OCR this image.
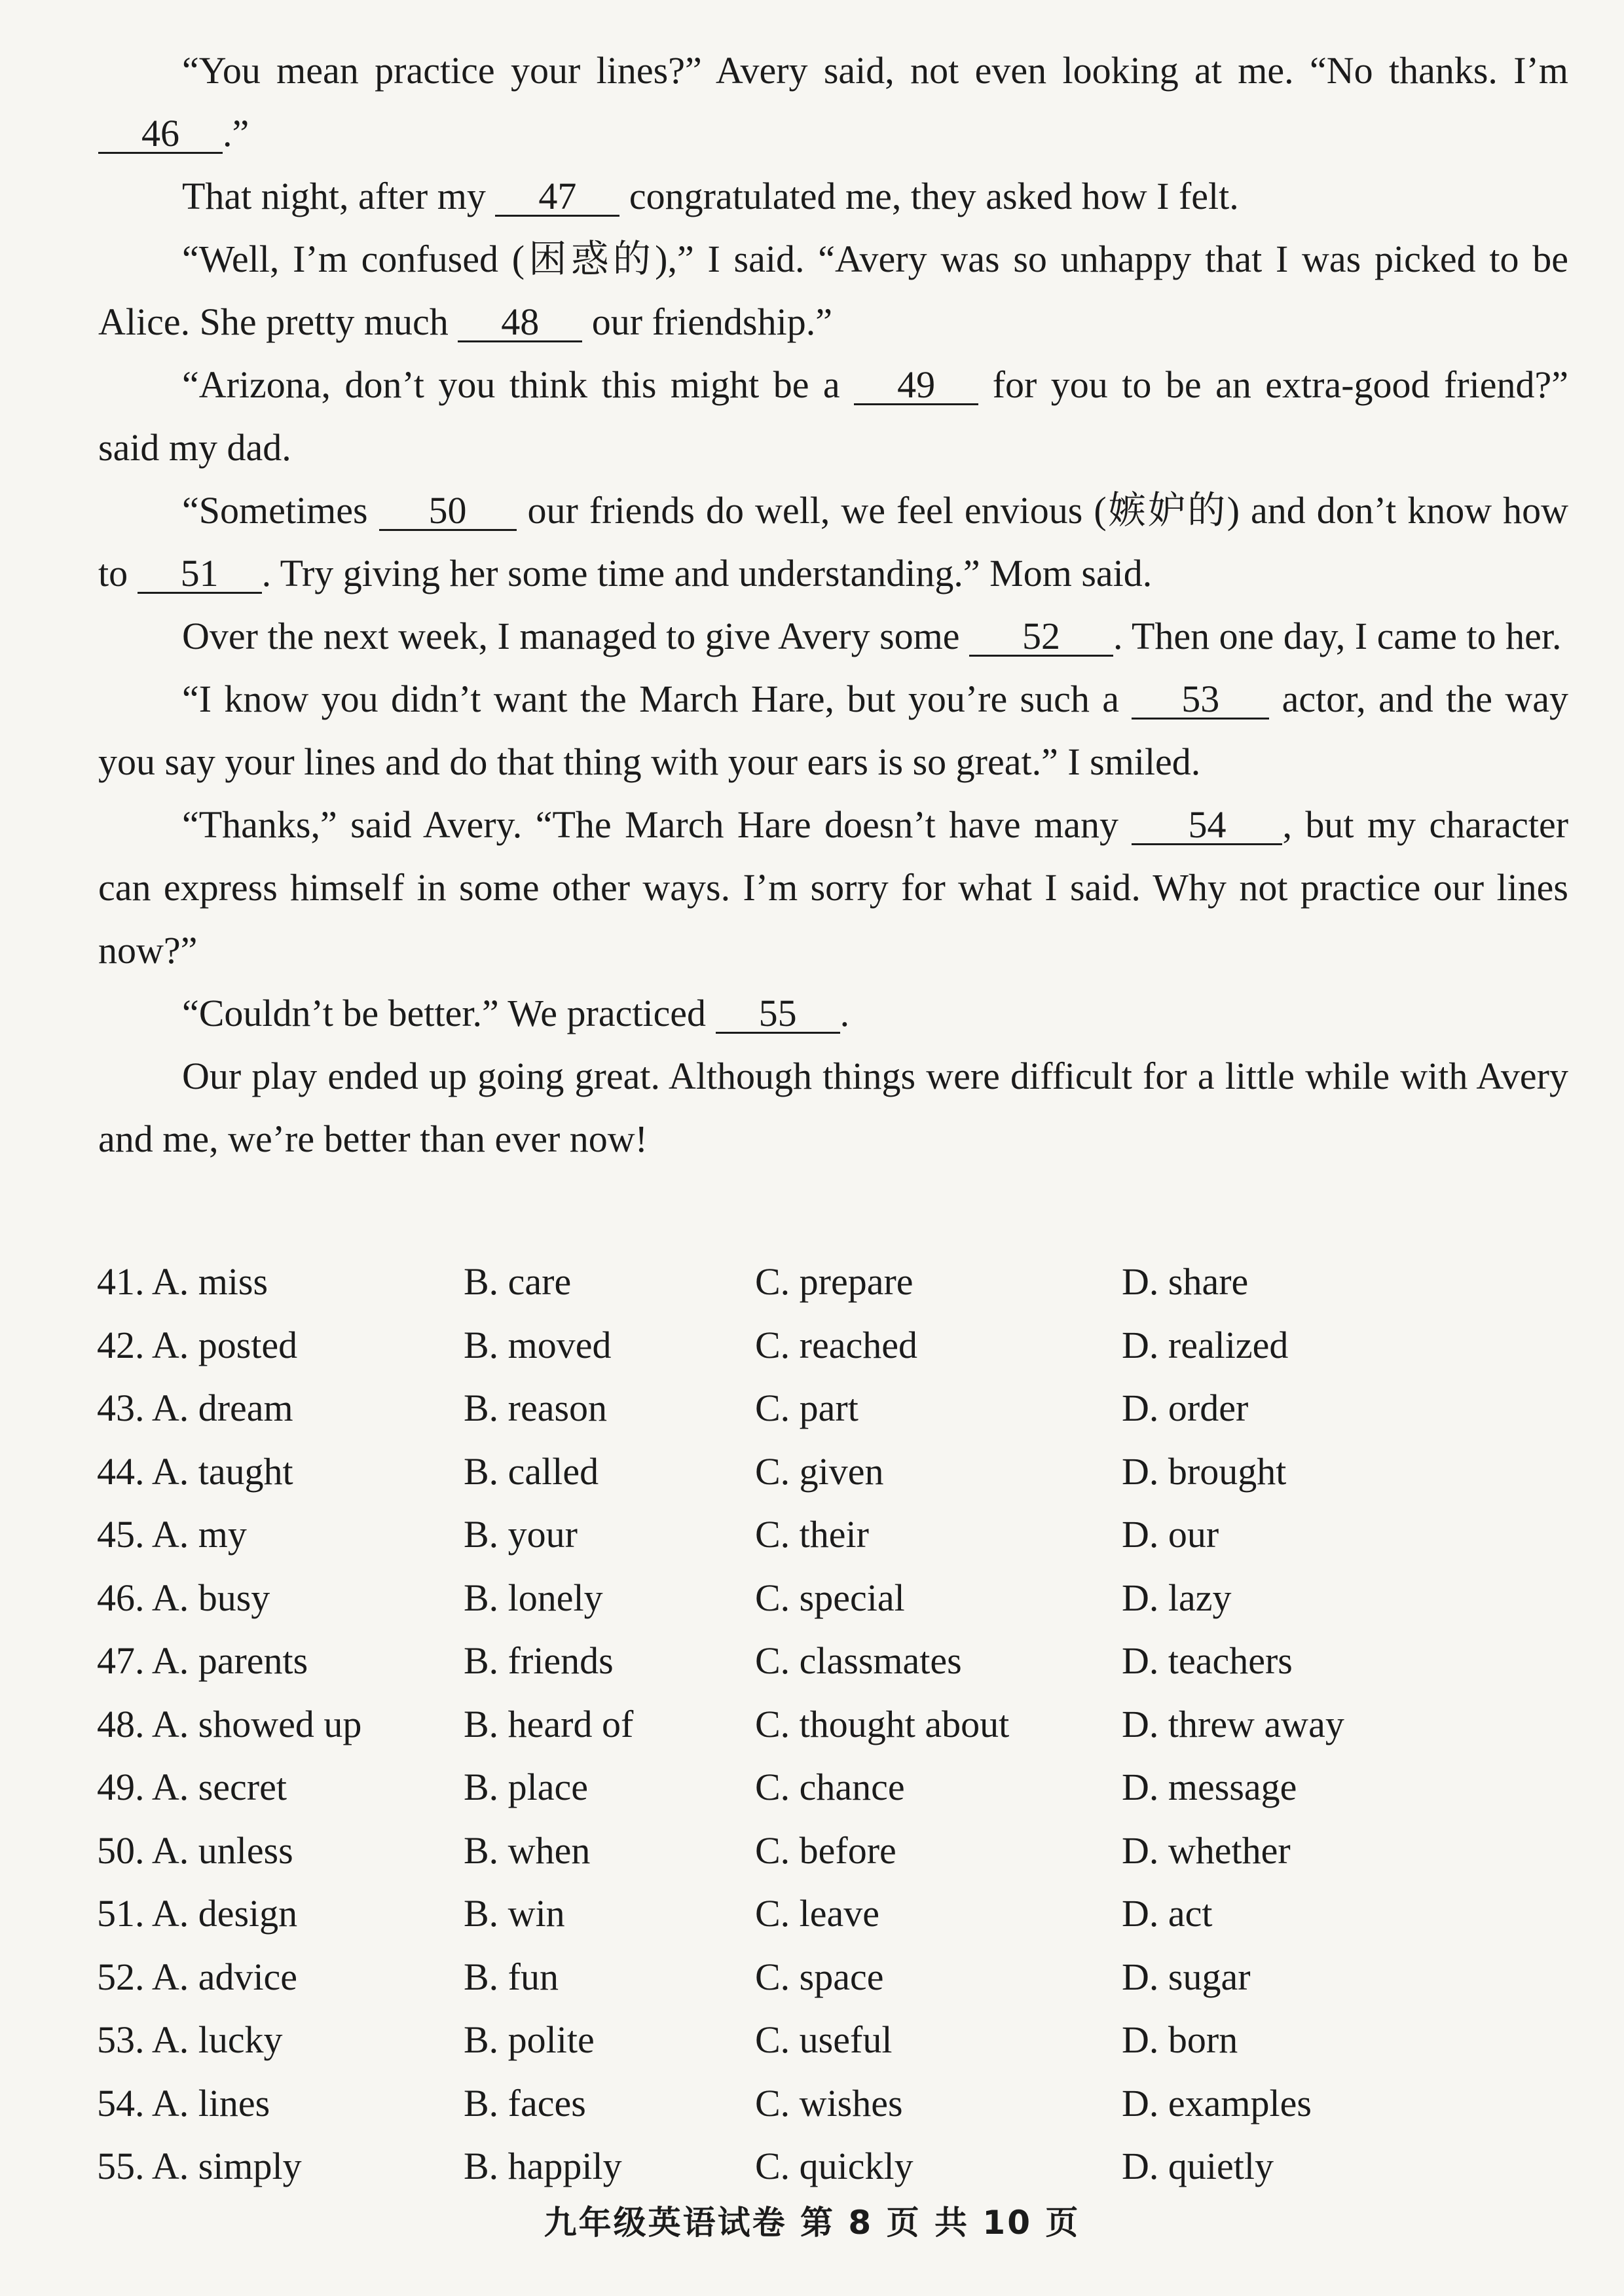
“You mean practice your lines?” Avery said, not even looking at me. “No thanks. I’m 46 .”

That night, after my 47 congratulated me, they asked how I felt.

“Well, I’m confused (困惑的),” I said. “Avery was so unhappy that I was picked to be Alice. She pretty much 48 our friendship.”

“Arizona, don’t you think this might be a 49 for you to be an extra-good friend?” said my dad.

“Sometimes 50 our friends do well, we feel envious (嫉妒的) and don’t know how to 51 . Try giving her some time and understanding.” Mom said.

Over the next week, I managed to give Avery some 52 . Then one day, I came to her.

“I know you didn’t want the March Hare, but you’re such a 53 actor, and the way you say your lines and do that thing with your ears is so great.” I smiled.

“Thanks,” said Avery. “The March Hare doesn’t have many 54 , but my character can express himself in some other ways. I’m sorry for what I said. Why not practice our lines now?”

“Couldn’t be better.” We practiced 55 .

Our play ended up going great. Although things were difficult for a little while with Avery and me, we’re better than ever now!

41. A. miss	B. care	C. prepare	D. share
42. A. posted	B. moved	C. reached	D. realized
43. A. dream	B. reason	C. part	D. order
44. A. taught	B. called	C. given	D. brought
45. A. my	B. your	C. their	D. our
46. A. busy	B. lonely	C. special	D. lazy
47. A. parents	B. friends	C. classmates	D. teachers
48. A. showed up	B. heard of	C. thought about	D. threw away
49. A. secret	B. place	C. chance	D. message
50. A. unless	B. when	C. before	D. whether
51. A. design	B. win	C. leave	D. act
52. A. advice	B. fun	C. space	D. sugar
53. A. lucky	B. polite	C. useful	D. born
54. A. lines	B. faces	C. wishes	D. examples
55. A. simply	B. happily	C. quickly	D. quietly
九年级英语试卷 第 8 页 共 10 页
